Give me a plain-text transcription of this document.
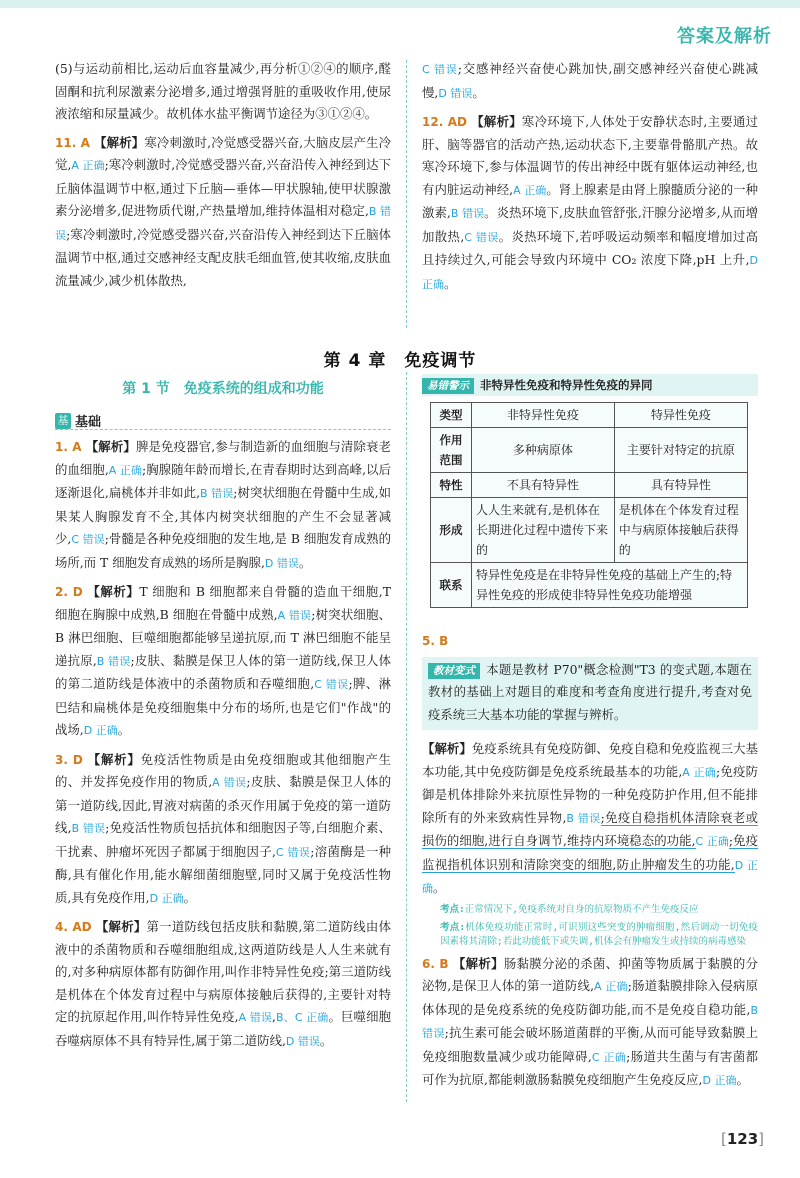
答案及解析

(5)与运动前相比,运动后血容量减少,再分析①②④的顺序,醛固酮和抗利尿激素分泌增多,通过增强肾脏的重吸收作用,使尿液浓缩和尿量减少。故机体水盐平衡调节途径为③①②④。

11. A 【解析】寒冷刺激时,冷觉感受器兴奋,大脑皮层产生冷觉,A 正确;寒冷刺激时,冷觉感受器兴奋,兴奋沿传入神经到达下丘脑体温调节中枢,通过下丘脑—垂体—甲状腺轴,使甲状腺激素分泌增多,促进物质代谢,产热量增加,维持体温相对稳定,B 错误;寒冷刺激时,冷觉感受器兴奋,兴奋沿传入神经到达下丘脑体温调节中枢,通过交感神经支配皮肤毛细血管,使其收缩,皮肤血流量减少,减少机体散热,

C 错误;交感神经兴奋使心跳加快,副交感神经兴奋使心跳减慢,D 错误。

12. AD 【解析】寒冷环境下,人体处于安静状态时,主要通过肝、脑等器官的活动产热,运动状态下,主要靠骨骼肌产热。故寒冷环境下,参与体温调节的传出神经中既有躯体运动神经,也有内脏运动神经,A 正确。肾上腺素是由肾上腺髓质分泌的一种激素,B 错误。炎热环境下,皮肤血管舒张,汗腺分泌增多,从而增加散热,C 错误。炎热环境下,若呼吸运动频率和幅度增加过高且持续过久,可能会导致内环境中 CO₂ 浓度下降,pH 上升,D 正确。

第 4 章　免疫调节
第 1 节　免疫系统的组成和功能
基 基础

1. A 【解析】脾是免疫器官,参与制造新的血细胞与清除衰老的血细胞,A 正确;胸腺随年龄而增长,在青春期时达到高峰,以后逐渐退化,扁桃体并非如此,B 错误;树突状细胞在骨髓中生成,如果某人胸腺发育不全,其体内树突状细胞的产生不会显著减少,C 错误;骨髓是各种免疫细胞的发生地,是 B 细胞发育成熟的场所,而 T 细胞发育成熟的场所是胸腺,D 错误。

2. D 【解析】T 细胞和 B 细胞都来自骨髓的造血干细胞,T 细胞在胸腺中成熟,B 细胞在骨髓中成熟,A 错误;树突状细胞、B 淋巴细胞、巨噬细胞都能够呈递抗原,而 T 淋巴细胞不能呈递抗原,B 错误;皮肤、黏膜是保卫人体的第一道防线,保卫人体的第二道防线是体液中的杀菌物质和吞噬细胞,C 错误;脾、淋巴结和扁桃体是免疫细胞集中分布的场所,也是它们"作战"的战场,D 正确。

3. D 【解析】免疫活性物质是由免疫细胞或其他细胞产生的、并发挥免疫作用的物质,A 错误;皮肤、黏膜是保卫人体的第一道防线,因此,胃液对病菌的杀灭作用属于免疫的第一道防线,B 错误;免疫活性物质包括抗体和细胞因子等,白细胞介素、干扰素、肿瘤坏死因子都属于细胞因子,C 错误;溶菌酶是一种酶,具有催化作用,能水解细菌细胞壁,同时又属于免疫活性物质,具有免疫作用,D 正确。

4. AD 【解析】第一道防线包括皮肤和黏膜,第二道防线由体液中的杀菌物质和吞噬细胞组成,这两道防线是人人生来就有的,对多种病原体都有防御作用,叫作非特异性免疫;第三道防线是机体在个体发育过程中与病原体接触后获得的,主要针对特定的抗原起作用,叫作特异性免疫,A 错误,B、C 正确。巨噬细胞吞噬病原体不具有特异性,属于第二道防线,D 错误。

易错警示 非特异性免疫和特异性免疫的异同
类型	非特异性免疫	特异性免疫
作用范围	多种病原体	主要针对特定的抗原
特性	不具有特异性	具有特异性
形成	人人生来就有,是机体在长期进化过程中遗传下来的	是机体在个体发育过程中与病原体接触后获得的
联系	特异性免疫是在非特异性免疫的基础上产生的;特异性免疫的形成使非特异性免疫功能增强	

5. B

教材变式 本题是教材 P70"概念检测"T3 的变式题,本题在教材的基础上对题目的难度和考查角度进行提升,考查对免疫系统三大基本功能的掌握与辨析。

【解析】免疫系统具有免疫防御、免疫自稳和免疫监视三大基本功能,其中免疫防御是免疫系统最基本的功能,A 正确;免疫防御是机体排除外来抗原性异物的一种免疫防护作用,但不能排除所有的外来致病性异物,B 错误;免疫自稳指机体清除衰老或损伤的细胞,进行自身调节,维持内环境稳态的功能,C 正确;免疫监视指机体识别和清除突变的细胞,防止肿瘤发生的功能,D 正确。

考点:正常情况下,免疫系统对自身的抗原物质不产生免疫反应

考点:机体免疫功能正常时,可识别这些突变的肿瘤细胞,然后调动一切免疫因素将其清除;若此功能低下或失调,机体会有肿瘤发生或持续的病毒感染

6. B 【解析】肠黏膜分泌的杀菌、抑菌等物质属于黏膜的分泌物,是保卫人体的第一道防线,A 正确;肠道黏膜排除入侵病原体体现的是免疫系统的免疫防御功能,而不是免疫自稳功能,B 错误;抗生素可能会破坏肠道菌群的平衡,从而可能导致黏膜上免疫细胞数量减少或功能障碍,C 正确;肠道共生菌与有害菌都可作为抗原,都能刺激肠黏膜免疫细胞产生免疫反应,D 正确。

[123]
